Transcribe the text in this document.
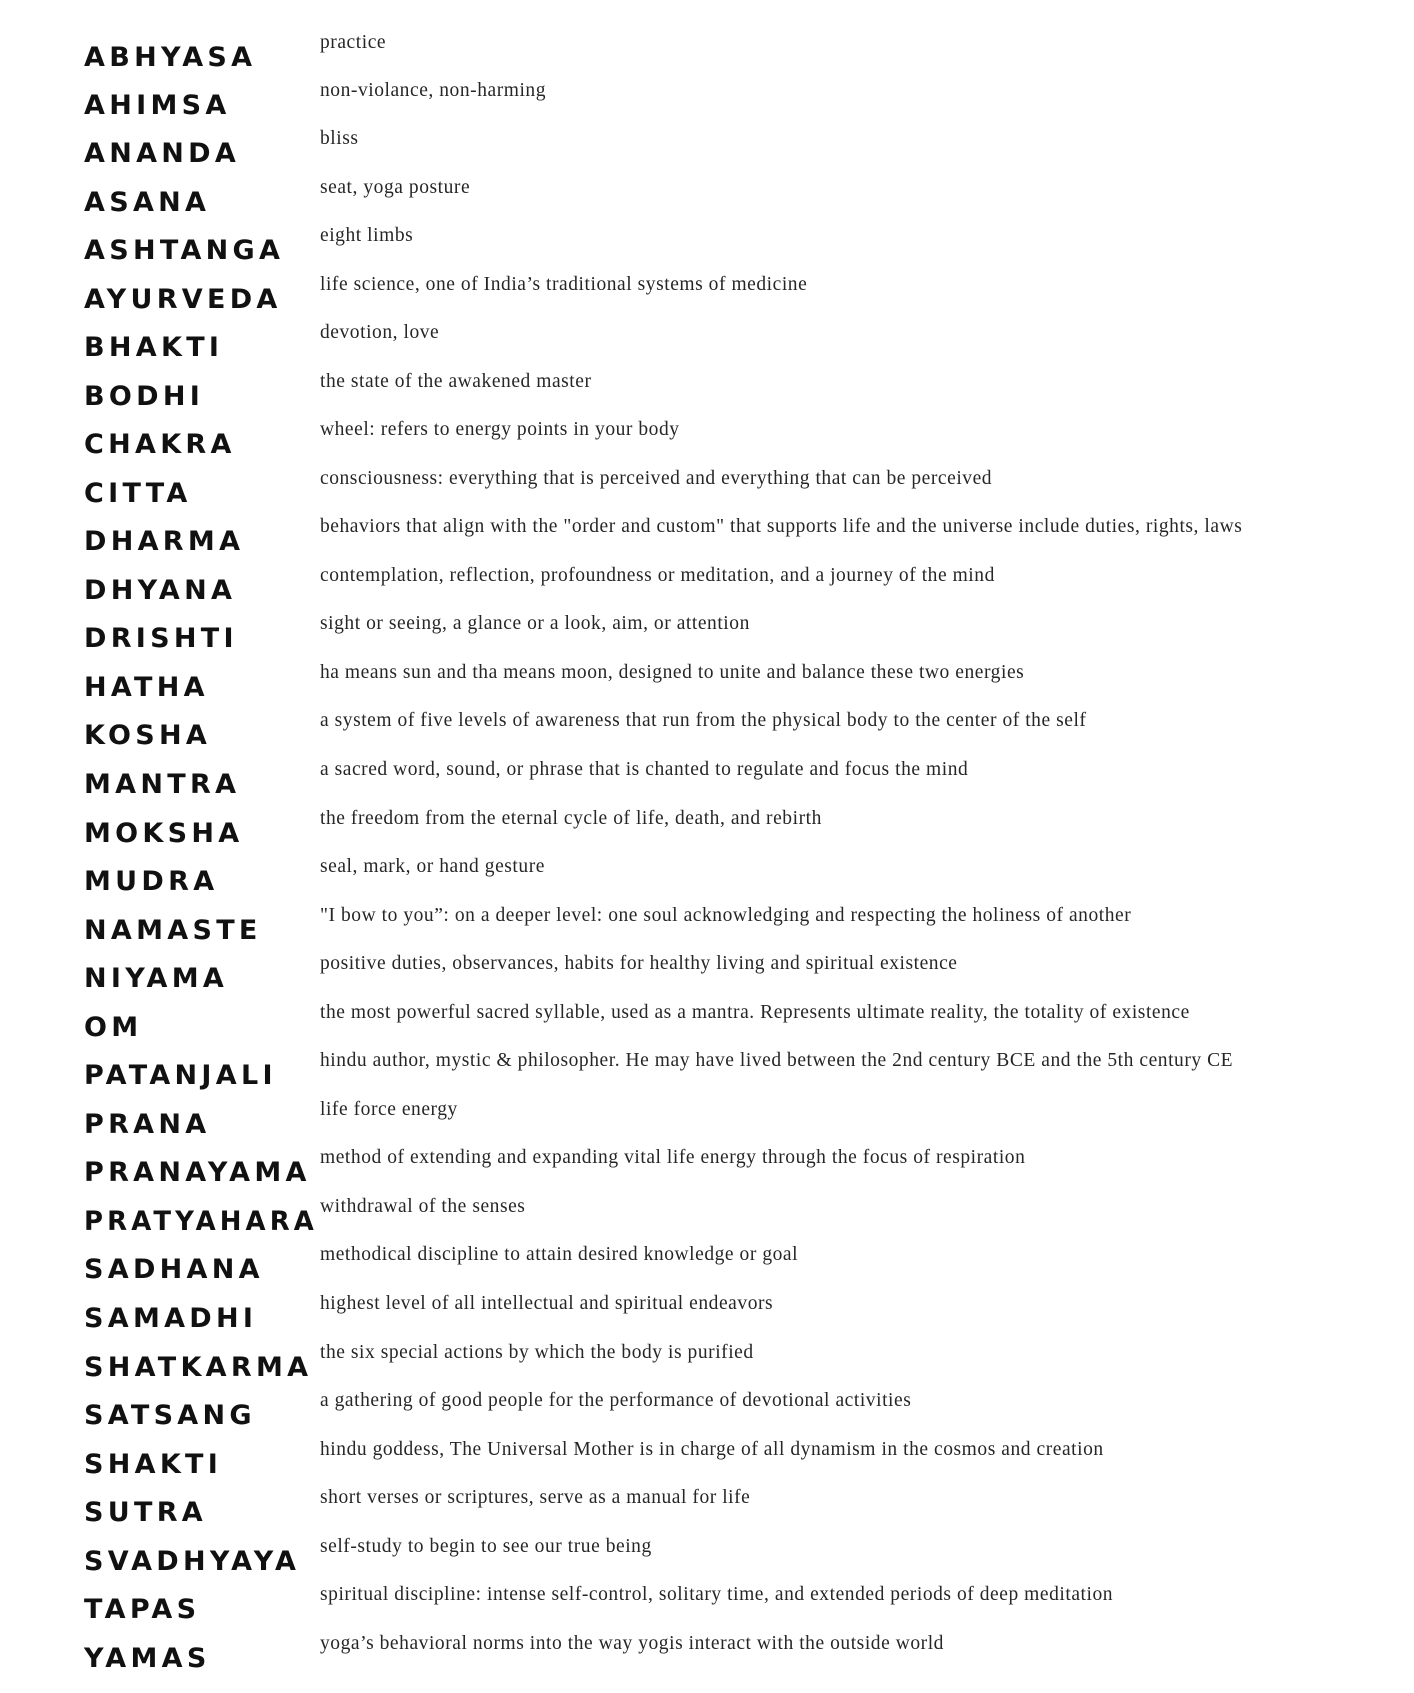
ABHYASA	practice
AHIMSA	non-violance, non-harming
ANANDA	bliss
ASANA	seat, yoga posture
ASHTANGA eight limbs
AYURVEDA life science, one of India’s traditional systems of medicine
BHAKTI	devotion, love
BODHI	the state of the awakened master
CHAKRA	wheel: refers to energy points in your body
CITTA	consciousness: everything that is perceived and everything that can be perceived
DHARMA	behaviors that align with the "order and custom" that supports life and the universe include duties, rights, laws
DHYANA	contemplation, reflection, profoundness or meditation, and a journey of the mind
DRISHTI	sight or seeing, a glance or a look, aim, or attention
HATHA	ha means sun and tha means moon, designed to unite and balance these two energies
KOSHA	a system of five levels of awareness that run from the physical body to the center of the self
MANTRA	a sacred word, sound, or phrase that is chanted to regulate and focus the mind
MOKSHA	the freedom from the eternal cycle of life, death, and rebirth
MUDRA	seal, mark, or hand gesture
NAMASTE	"I bow to you”: on a deeper level: one soul acknowledging and respecting the holiness of another
NIYAMA	positive duties, observances, habits for healthy living and spiritual existence
OM	the most powerful sacred syllable, used as a mantra. Represents ultimate reality, the totality of existence
PATANJALI hindu author, mystic & philosopher. He may have lived between the 2nd century BCE and the 5th century CE
PRANA	life force energy
PRANAYAMA method of extending and expanding vital life energy through the focus of respiration
PRATYAHARA withdrawal of the senses
SADHANA	methodical discipline to attain desired knowledge or goal
SAMADHI	highest level of all intellectual and spiritual endeavors
SHATKARMA the six special actions by which the body is purified
SATSANG	a gathering of good people for the performance of devotional activities
SHAKTI	hindu goddess, The Universal Mother is in charge of all dynamism in the cosmos and creation
SUTRA	short verses or scriptures, serve as a manual for life
SVADHYAYA self-study to begin to see our true being
TAPAS	spiritual discipline: intense self-control, solitary time, and extended periods of deep meditation
YAMAS	yoga’s behavioral norms into the way yogis interact with the outside world
